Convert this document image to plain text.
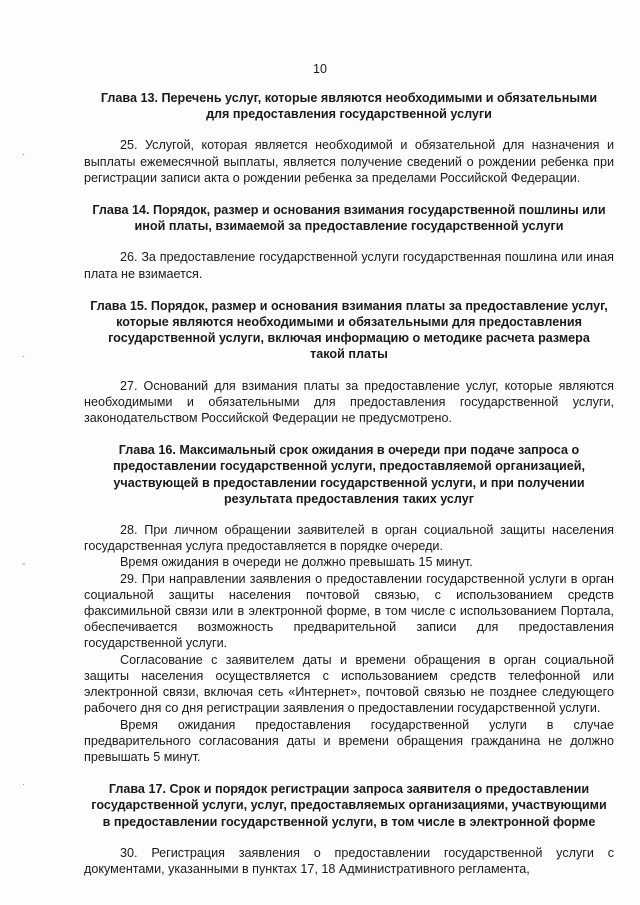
10
·
·
-
·

Глава 13. Перечень услуг, которые являются необходимыми и обязательными для предоставления государственной услуги

25. Услугой, которая является необходимой и обязательной для назначения и выплаты ежемесячной выплаты, является получение сведений о рождении ребенка при регистрации записи акта о рождении ребенка за пределами Российской Федерации.

Глава 14. Порядок, размер и основания взимания государственной пошлины или иной платы, взимаемой за предоставление государственной услуги

26. За предоставление государственной услуги государственная пошлина или иная плата не взимается.

Глава 15. Порядок, размер и основания взимания платы за предоставление услуг, которые являются необходимыми и обязательными для предоставления государственной услуги, включая информацию о методике расчета размера такой платы

27. Оснований для взимания платы за предоставление услуг, которые являются необходимыми и обязательными для предоставления государственной услуги, законодательством Российской Федерации не предусмотрено.

Глава 16. Максимальный срок ожидания в очереди при подаче запроса о предоставлении государственной услуги, предоставляемой организацией, участвующей в предоставлении государственной услуги, и при получении результата предоставления таких услуг

28. При личном обращении заявителей в орган социальной защиты населения государственная услуга предоставляется в порядке очереди.

Время ожидания в очереди не должно превышать 15 минут.

29. При направлении заявления о предоставлении государственной услуги в орган социальной защиты населения почтовой связью, с использованием средств факсимильной связи или в электронной форме, в том числе с использованием Портала, обеспечивается возможность предварительной записи для предоставления государственной услуги.

Согласование с заявителем даты и времени обращения в орган социальной защиты населения осуществляется с использованием средств телефонной или электронной связи, включая сеть «Интернет», почтовой связью не позднее следующего рабочего дня со дня регистрации заявления о предоставлении государственной услуги.

Время ожидания предоставления государственной услуги в случае предварительного согласования даты и времени обращения гражданина не должно превышать 5 минут.

Глава 17. Срок и порядок регистрации запроса заявителя о предоставлении государственной услуги, услуг, предоставляемых организациями, участвующими в предоставлении государственной услуги, в том числе в электронной форме

30. Регистрация заявления о предоставлении государственной услуги с документами, указанными в пунктах 17, 18 Административного регламента,
